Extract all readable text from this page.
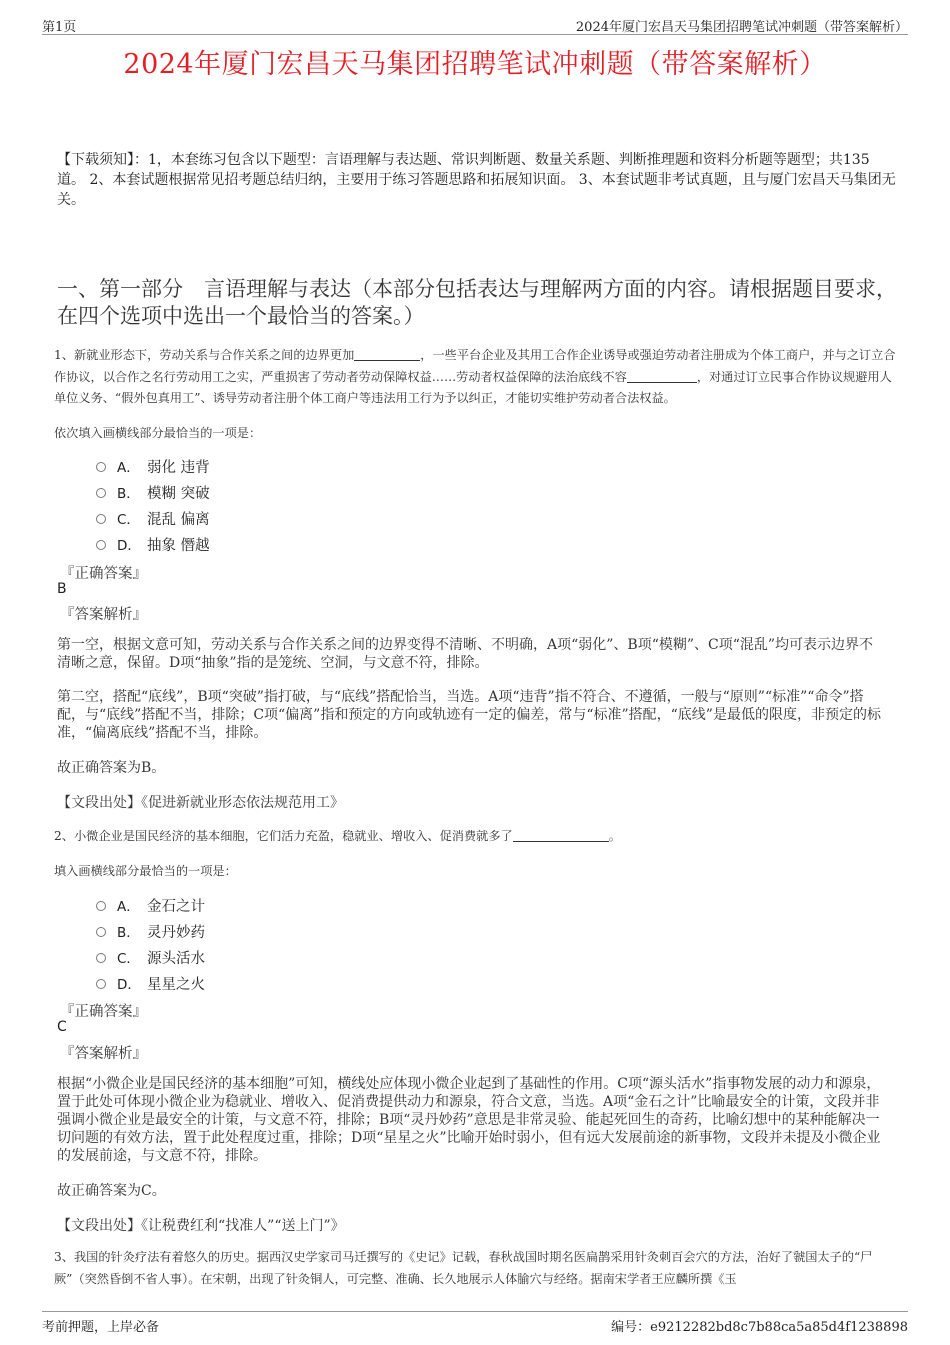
第1页	2024年厦门宏昌天马集团招聘笔试冲刺题（带答案解析）
2024年厦门宏昌天马集团招聘笔试冲刺题（带答案解析）
【下载须知】：1，本套练习包含以下题型：言语理解与表达题、常识判断题、数量关系题、判断推理题和资料分析题等题型；共135道。 2、本套试题根据常见招考题总结归纳，主要用于练习答题思路和拓展知识面。 3、本套试题非考试真题，且与厦门宏昌天马集团无关。
一、第一部分　言语理解与表达（本部分包括表达与理解两方面的内容。请根据题目要求，在四个选项中选出一个最恰当的答案。）
1、新就业形态下，劳动关系与合作关系之间的边界更加	，一些平台企业及其用工合作企业诱导或强迫劳动者注册成为个体工商户，并与之订立合作协议，以合作之名行劳动用工之实，严重损害了劳动者劳动保障权益……劳动者权益保障的法治底线不容	，对通过订立民事合作协议规避用人单位义务、“假外包真用工”、诱导劳动者注册个体工商户等违法用工行为予以纠正，才能切实维护劳动者合法权益。
依次填入画横线部分最恰当的一项是：
A． 弱化 违背
B． 模糊 突破
C． 混乱 偏离
D． 抽象 僭越
『正确答案』
B
『答案解析』
第一空，根据文意可知，劳动关系与合作关系之间的边界变得不清晰、不明确，A项“弱化”、B项“模糊”、C项“混乱”均可表示边界不清晰之意，保留。D项“抽象”指的是笼统、空洞，与文意不符，排除。
第二空，搭配“底线”，B项“突破”指打破，与“底线”搭配恰当，当选。A项“违背”指不符合、不遵循，一般与“原则”“标准”“命令”搭配，与“底线”搭配不当，排除；C项“偏离”指和预定的方向或轨迹有一定的偏差，常与“标准”搭配，“底线”是最低的限度，非预定的标准，“偏离底线”搭配不当，排除。
故正确答案为B。
【文段出处】《促进新就业形态依法规范用工》
2、小微企业是国民经济的基本细胞，它们活力充盈，稳就业、增收入、促消费就多了	。
填入画横线部分最恰当的一项是：
A． 金石之计
B． 灵丹妙药
C． 源头活水
D． 星星之火
『正确答案』
C
『答案解析』
根据“小微企业是国民经济的基本细胞”可知，横线处应体现小微企业起到了基础性的作用。C项“源头活水”指事物发展的动力和源泉，置于此处可体现小微企业为稳就业、增收入、促消费提供动力和源泉，符合文意，当选。A项“金石之计”比喻最安全的计策，文段并非强调小微企业是最安全的计策，与文意不符，排除；B项“灵丹妙药”意思是非常灵验、能起死回生的奇药，比喻幻想中的某种能解决一切问题的有效方法，置于此处程度过重，排除；D项“星星之火”比喻开始时弱小，但有远大发展前途的新事物，文段并未提及小微企业的发展前途，与文意不符，排除。
故正确答案为C。
【文段出处】《让税费红利“找准人”“送上门”》
3、我国的针灸疗法有着悠久的历史。据西汉史学家司马迁撰写的《史记》记载，春秋战国时期名医扁鹊采用针灸刺百会穴的方法，治好了虢国太子的“尸厥”（突然昏倒不省人事）。在宋朝，出现了针灸铜人，可完整、准确、长久地展示人体腧穴与经络。据南宋学者王应麟所撰《玉
考前押题，上岸必备	编号：e9212282bd8c7b88ca5a85d4f1238898
